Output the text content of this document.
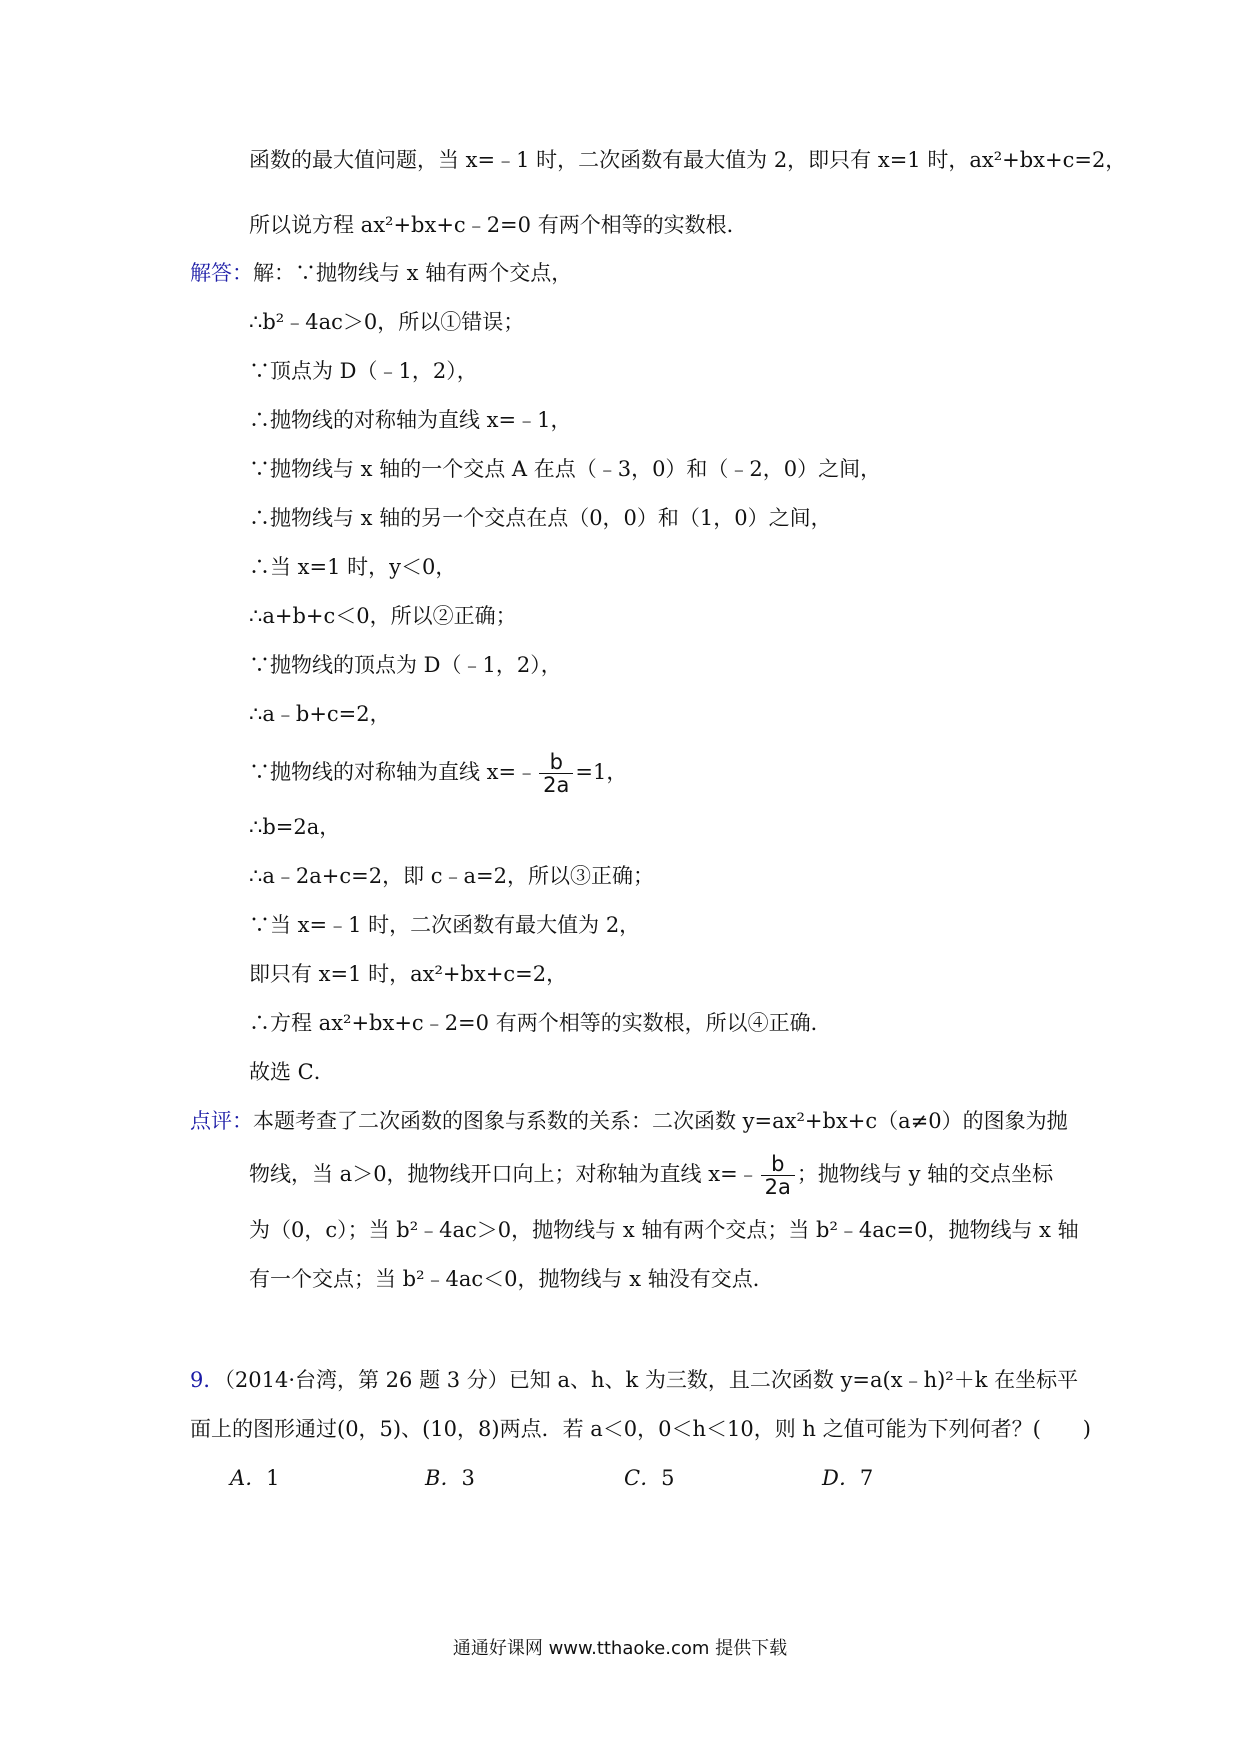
函数的最大值问题，当 x=﹣1 时，二次函数有最大值为 2，即只有 x=1 时，ax²+bx+c=2，
所以说方程 ax²+bx+c﹣2=0 有两个相等的实数根．
解答：解：∵抛物线与 x 轴有两个交点，
∴b²﹣4ac＞0，所以①错误；
∵顶点为 D（﹣1，2），
∴抛物线的对称轴为直线 x=﹣1，
∵抛物线与 x 轴的一个交点 A 在点（﹣3，0）和（﹣2，0）之间，
∴抛物线与 x 轴的另一个交点在点（0，0）和（1，0）之间，
∴当 x=1 时，y＜0，
∴a+b+c＜0，所以②正确；
∵抛物线的顶点为 D（﹣1，2），
∴a﹣b+c=2，
∵抛物线的对称轴为直线 x=﹣ $\frac{b}{2a} =1$，
∴b=2a，
∴a﹣2a+c=2，即 c﹣a=2，所以③正确；
∵当 x=﹣1 时，二次函数有最大值为 2，
即只有 x=1 时，ax²+bx+c=2，
∴方程 ax²+bx+c﹣2=0 有两个相等的实数根，所以④正确．
故选 C．
点评：本题考查了二次函数的图象与系数的关系：二次函数 y=ax²+bx+c（a≠0）的图象为抛
物线，当 a＞0，抛物线开口向上；对称轴为直线 x=﹣ $\frac{b}{2a}$ ；抛物线与 y 轴的交点坐标
为（0，c）；当 b²﹣4ac＞0，抛物线与 x 轴有两个交点；当 b²﹣4ac=0，抛物线与 x 轴
有一个交点；当 b²﹣4ac＜0，抛物线与 x 轴没有交点．
9．（2014·台湾，第 26 题 3 分）已知 a、h、k 为三数，且二次函数 y=a(x﹣h)²＋k 在坐标平
面上的图形通过(0，5)、(10，8)两点．若 a＜0，0＜h＜10，则 h 之值可能为下列何者？(　　)
A．1	B．3	C．5	D．7
通通好课网 www.tthaoke.com 提供下载
